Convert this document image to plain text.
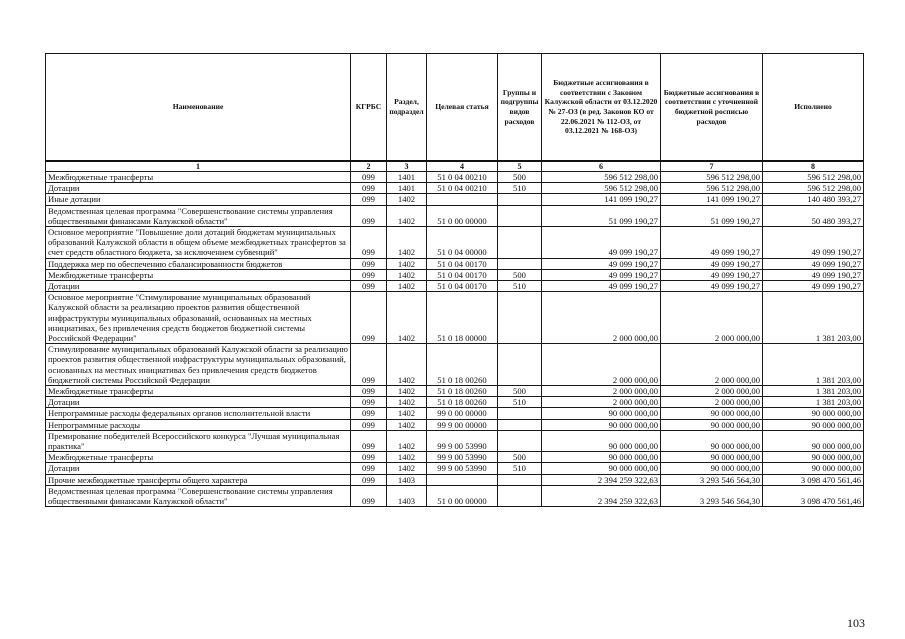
Наименование	КГРБС	Раздел, подраздел	Целевая статья	Группы и подгруппы видов расходов	Бюджетные ассигнования в соответствии с Законом Калужской области от 03.12.2020 № 27-ОЗ (в ред. Законов КО от 22.06.2021 № 112-ОЗ, от 03.12.2021 № 168-ОЗ)	Бюджетные ассигнования в соответствии с уточненной бюджетной росписью расходов	Исполнено
1	2	3	4	5	6	7	8
Межбюджетные трансферты	099	1401	51 0 04 00210	500	596 512 298,00	596 512 298,00	596 512 298,00
Дотации	099	1401	51 0 04 00210	510	596 512 298,00	596 512 298,00	596 512 298,00
Иные дотации	099	1402			141 099 190,27	141 099 190,27	140 480 393,27
Ведомственная целевая программа "Совершенствование системы управления общественными финансами Калужской области"	099	1402	51 0 00 00000		51 099 190,27	51 099 190,27	50 480 393,27
Основное мероприятие "Повышение доли дотаций бюджетам муниципальных образований Калужской области в общем объеме межбюджетных трансфертов за счет средств областного бюджета, за исключением субвенций"	099	1402	51 0 04 00000		49 099 190,27	49 099 190,27	49 099 190,27
Поддержка мер по обеспечению сбалансированности бюджетов	099	1402	51 0 04 00170		49 099 190,27	49 099 190,27	49 099 190,27
Межбюджетные трансферты	099	1402	51 0 04 00170	500	49 099 190,27	49 099 190,27	49 099 190,27
Дотации	099	1402	51 0 04 00170	510	49 099 190,27	49 099 190,27	49 099 190,27
Основное мероприятие "Стимулирование муниципальных образований Калужской области за реализацию проектов развития общественной инфраструктуры муниципальных образований, основанных на местных инициативах, без привлечения средств бюджетов бюджетной системы Российской Федерации"	099	1402	51 0 18 00000		2 000 000,00	2 000 000,00	1 381 203,00
Стимулирование муниципальных образований Калужской области за реализацию проектов развития общественной инфраструктуры муниципальных образований, основанных на местных инициативах без привлечения средств бюджетов бюджетной системы Российской Федерации	099	1402	51 0 18 00260		2 000 000,00	2 000 000,00	1 381 203,00
Межбюджетные трансферты	099	1402	51 0 18 00260	500	2 000 000,00	2 000 000,00	1 381 203,00
Дотации	099	1402	51 0 18 00260	510	2 000 000,00	2 000 000,00	1 381 203,00
Непрограммные расходы федеральных органов исполнительной власти	099	1402	99 0 00 00000		90 000 000,00	90 000 000,00	90 000 000,00
Непрограммные расходы	099	1402	99 9 00 00000		90 000 000,00	90 000 000,00	90 000 000,00
Премирование победителей Всероссийского конкурса "Лучшая муниципальная практика"	099	1402	99 9 00 53990		90 000 000,00	90 000 000,00	90 000 000,00
Межбюджетные трансферты	099	1402	99 9 00 53990	500	90 000 000,00	90 000 000,00	90 000 000,00
Дотации	099	1402	99 9 00 53990	510	90 000 000,00	90 000 000,00	90 000 000,00
Прочие межбюджетные трансферты общего характера	099	1403			2 394 259 322,63	3 293 546 564,30	3 098 470 561,46
Ведомственная целевая программа "Совершенствование системы управления общественными финансами Калужской области"	099	1403	51 0 00 00000		2 394 259 322,63	3 293 546 564,30	3 098 470 561,46
103
